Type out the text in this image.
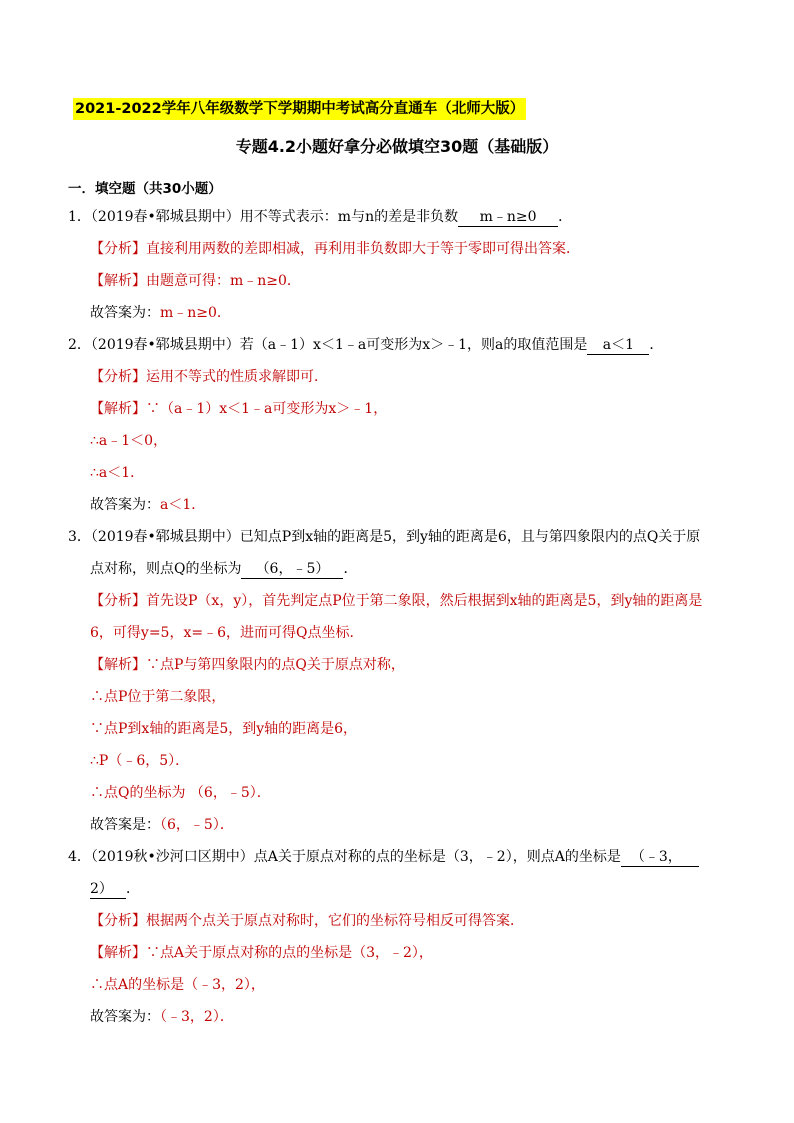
2021-2022学年八年级数学下学期期中考试高分直通车（北师大版）
专题4.2小题好拿分必做填空30题（基础版）
一．填空题（共30小题）
1．（2019春•郓城县期中）用不等式表示：m与n的差是非负数 m﹣n≥0 ．
【分析】直接利用两数的差即相减，再利用非负数即大于等于零即可得出答案．
【解析】由题意可得：m﹣n≥0．
故答案为：m﹣n≥0．
2．（2019春•郓城县期中）若（a﹣1）x＜1﹣a可变形为x＞﹣1，则a的取值范围是 a＜1 ．
【分析】运用不等式的性质求解即可．
【解析】∵（a﹣1）x＜1﹣a可变形为x＞﹣1，
∴a﹣1＜0，
∴a＜1．
故答案为：a＜1．
3．（2019春•郓城县期中）已知点P到x轴的距离是5，到y轴的距离是6，且与第四象限内的点Q关于原
点对称，则点Q的坐标为 （6，﹣5） ．
【分析】首先设P（x，y），首先判定点P位于第二象限，然后根据到x轴的距离是5，到y轴的距离是
6，可得y=5，x=﹣6，进而可得Q点坐标．
【解析】∵点P与第四象限内的点Q关于原点对称，
∴点P位于第二象限，
∵点P到x轴的距离是5，到y轴的距离是6，
∴P（﹣6，5）．
∴点Q的坐标为 （6，﹣5）．
故答案是：（6，﹣5）．
4．（2019秋•沙河口区期中）点A关于原点对称的点的坐标是（3，﹣2），则点A的坐标是 （﹣3，
2） ．
【分析】根据两个点关于原点对称时，它们的坐标符号相反可得答案．
【解析】∵点A关于原点对称的点的坐标是（3，﹣2），
∴点A的坐标是（﹣3，2），
故答案为：（﹣3，2）．
